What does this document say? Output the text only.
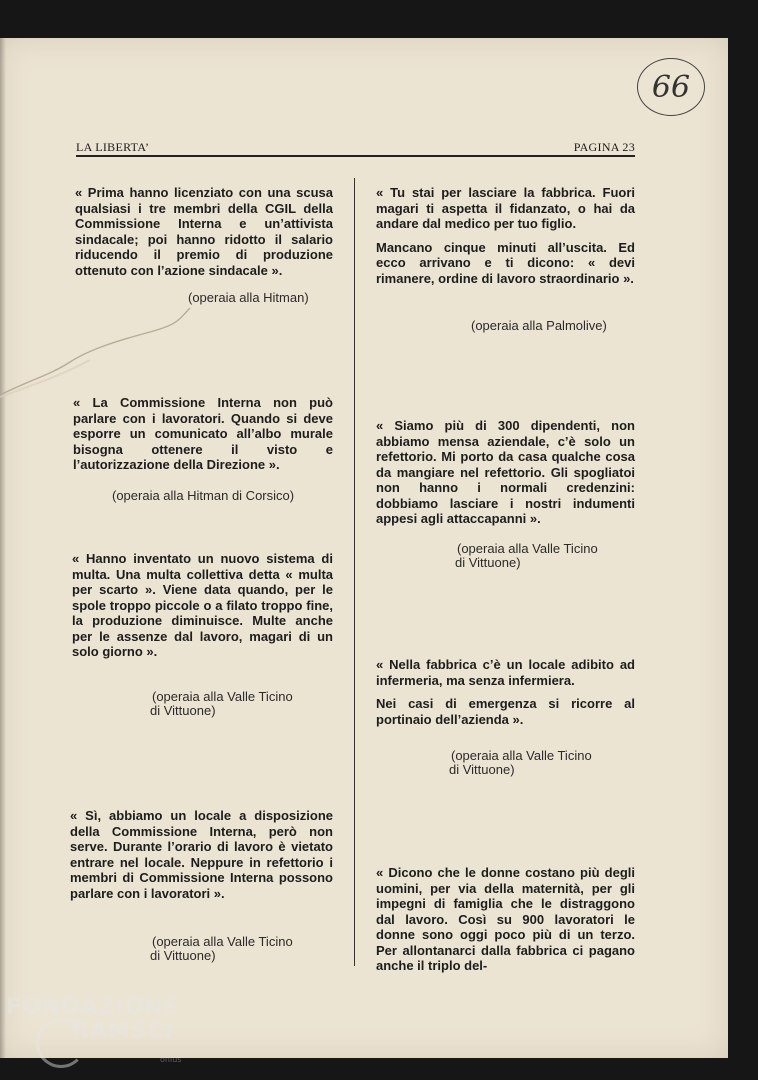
66
LA LIBERTA’	PAGINA 23

« Prima hanno licenziato con una scusa qualsiasi i tre membri della CGIL della Commissione Interna e un’attivista sindacale; poi hanno ridotto il salario riducendo il premio di produzione ottenuto con l’azione sindacale ».

(operaia alla Hitman)

« La Commissione Interna non può parlare con i lavoratori. Quando si deve esporre un comunicato all’albo murale bisogna ottenere il visto e l’autorizzazione della Direzione ».

(operaia alla Hitman di Corsico)

« Hanno inventato un nuovo sistema di multa. Una multa collettiva detta « multa per scarto ». Viene data quando, per le spole troppo piccole o a filato troppo fine, la produzione diminuisce. Multe anche per le assenze dal lavoro, magari di un solo giorno ».

(operaia alla Valle Ticino
di Vittuone)

« Sì, abbiamo un locale a disposizione della Commissione Interna, però non serve. Durante l’orario di lavoro è vietato entrare nel locale. Neppure in refettorio i membri di Commissione Interna possono parlare con i lavoratori ».

(operaia alla Valle Ticino
di Vittuone)

« Tu stai per lasciare la fabbrica. Fuori magari ti aspetta il fidanzato, o hai da andare dal medico per tuo figlio.

Mancano cinque minuti all’uscita. Ed ecco arrivano e ti dicono: « devi rimanere, ordine di lavoro straordinario ».

(operaia alla Palmolive)

« Siamo più di 300 dipendenti, non abbiamo mensa aziendale, c’è solo un refettorio. Mi porto da casa qualche cosa da mangiare nel refettorio. Gli spogliatoi non hanno i normali credenzini: dobbiamo lasciare i nostri indumenti appesi agli attaccapanni ».

(operaia alla Valle Ticino
di Vittuone)

« Nella fabbrica c’è un locale adibito ad infermeria, ma senza infermiera.

Nei casi di emergenza si ricorre al portinaio dell’azienda ».

(operaia alla Valle Ticino
di Vittuone)

« Dicono che le donne costano più degli uomini, per via della maternità, per gli impegni di famiglia che le distraggono dal lavoro. Così su 900 lavoratori le donne sono oggi poco più di un terzo. Per allontanarci dalla fabbrica ci pagano anche il triplo del-

FONDAZIONE
RAMSCI
onlus
